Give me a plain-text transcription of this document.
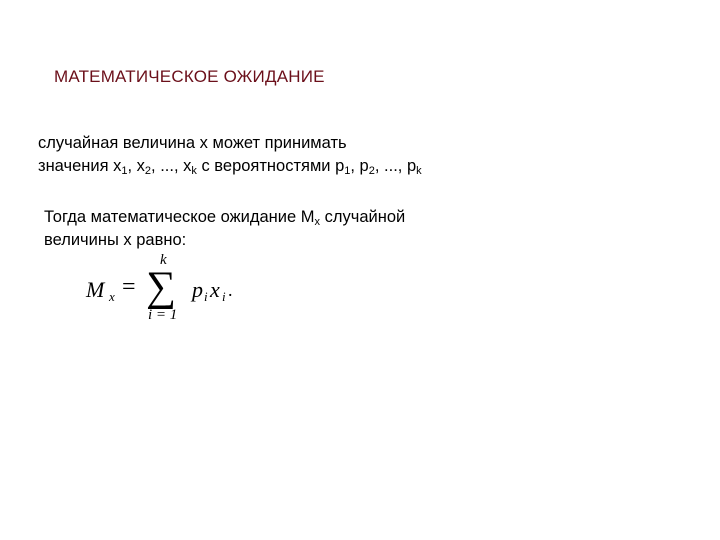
МАТЕМАТИЧЕСКОЕ ОЖИДАНИЕ
случайная величина x может принимать
значения $x_1$, $x_2$, ..., $x_k$ с вероятностями $p_1$, $p_2$, ..., $p_k$
Тогда математическое ожидание $M_x$ случайной
величины x равно:
M x =
k
∑
i = 1
p i x i .
